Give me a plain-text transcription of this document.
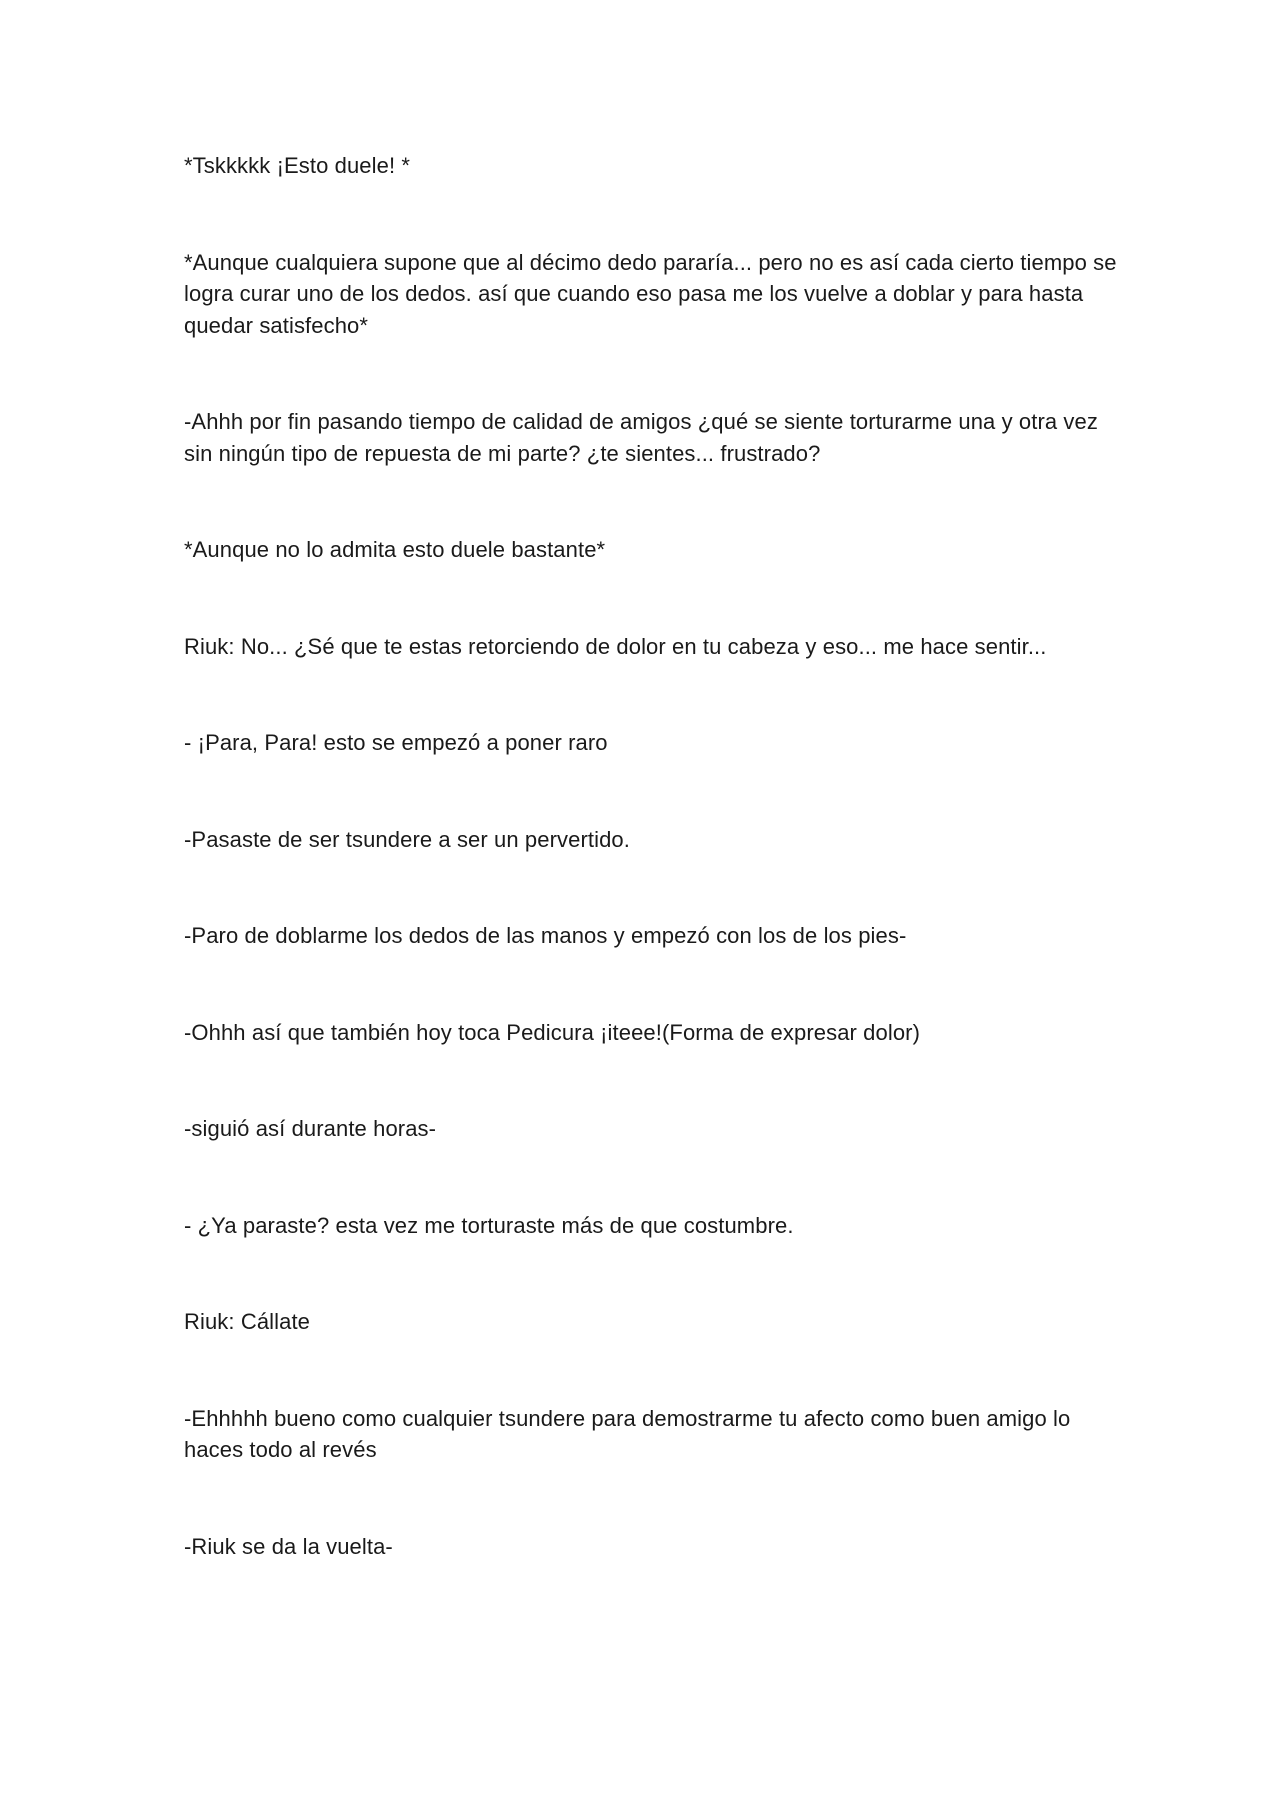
*Tskkkkk ¡Esto duele! *

*Aunque cualquiera supone que al décimo dedo pararía... pero no es así cada cierto tiempo se
logra curar uno de los dedos. así que cuando eso pasa me los vuelve a doblar y para hasta
quedar satisfecho*

-Ahhh por fin pasando tiempo de calidad de amigos ¿qué se siente torturarme una y otra vez
sin ningún tipo de repuesta de mi parte? ¿te sientes... frustrado?

*Aunque no lo admita esto duele bastante*

Riuk: No... ¿Sé que te estas retorciendo de dolor en tu cabeza y eso... me hace sentir...

- ¡Para, Para! esto se empezó a poner raro

-Pasaste de ser tsundere a ser un pervertido.

-Paro de doblarme los dedos de las manos y empezó con los de los pies-

-Ohhh así que también hoy toca Pedicura ¡iteee!(Forma de expresar dolor)

-siguió así durante horas-

- ¿Ya paraste? esta vez me torturaste más de que costumbre.

Riuk: Cállate

-Ehhhhh bueno como cualquier tsundere para demostrarme tu afecto como buen amigo lo
haces todo al revés

-Riuk se da la vuelta-
